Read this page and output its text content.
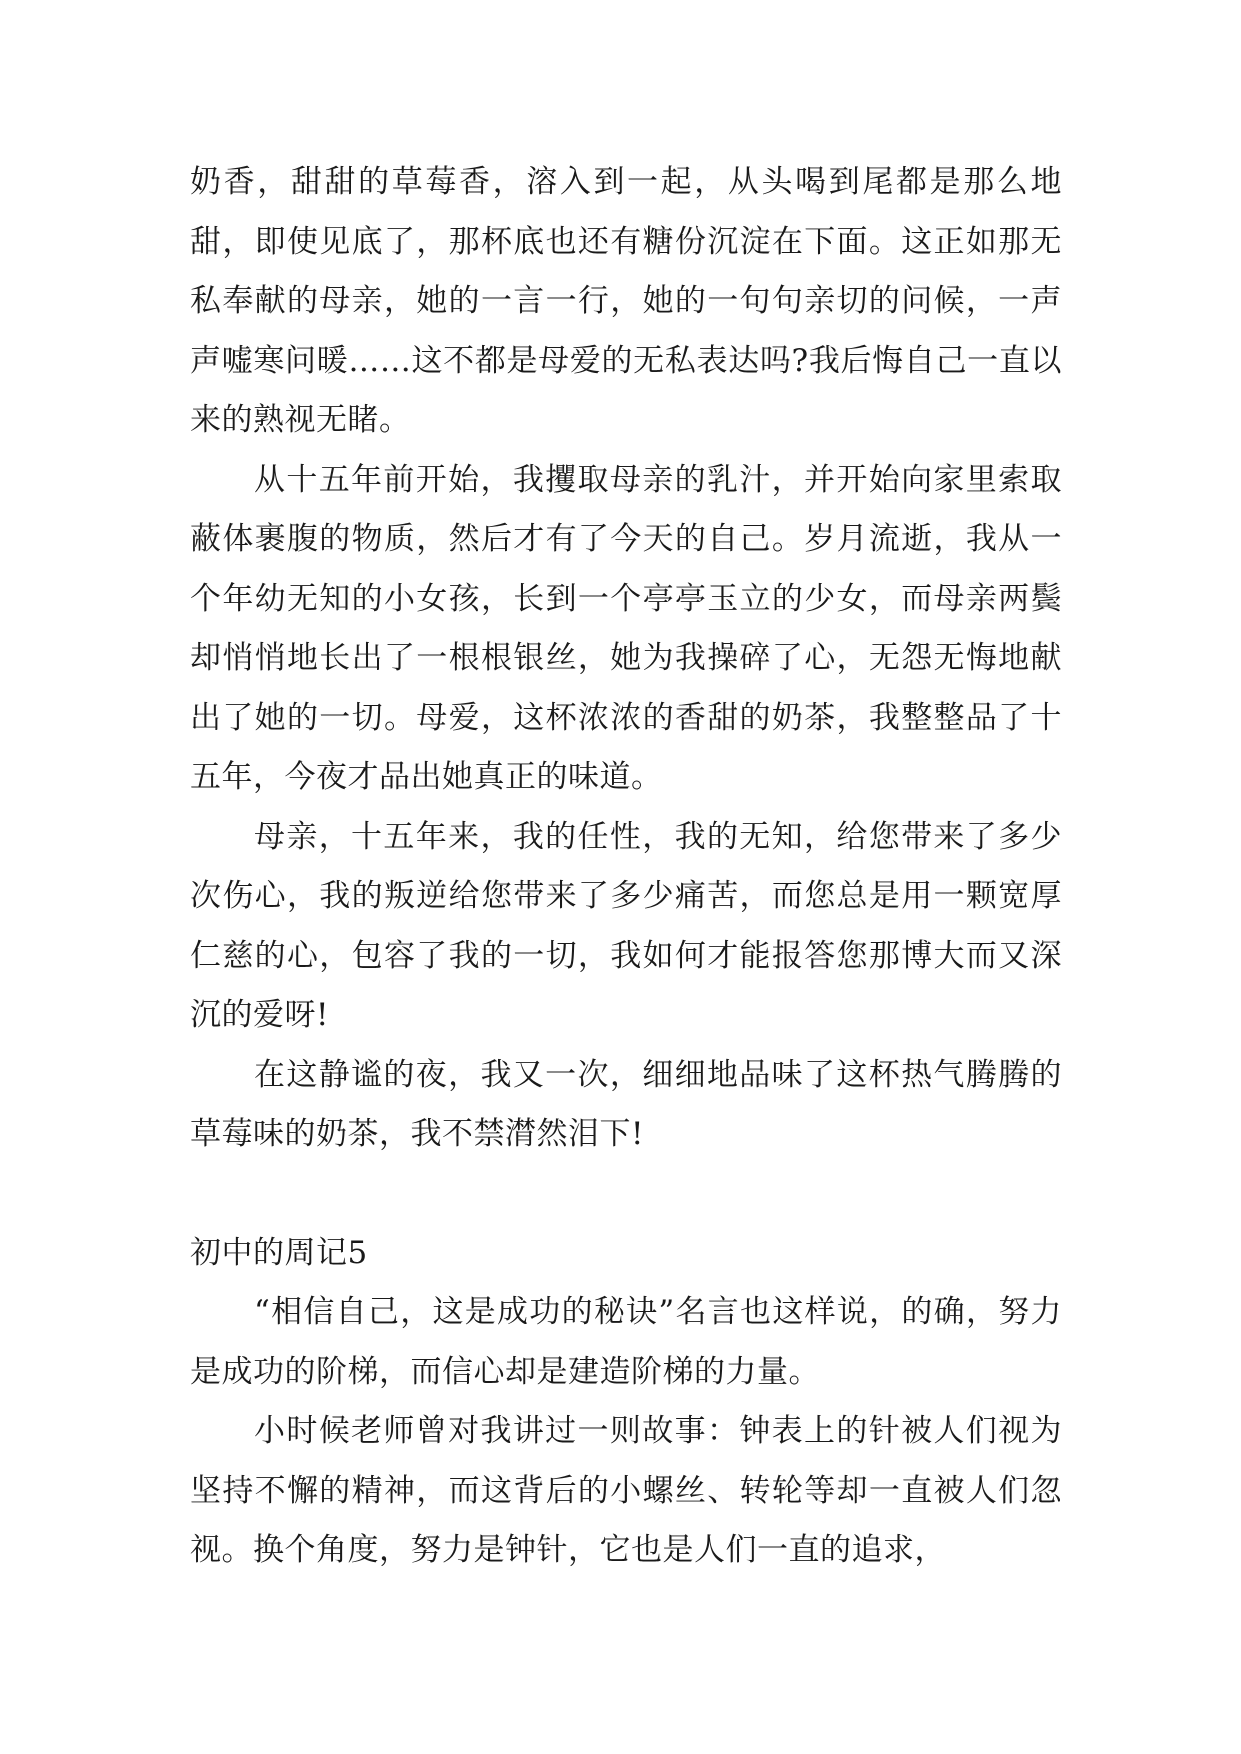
奶香，甜甜的草莓香，溶入到一起，从头喝到尾都是那么地甜，即使见底了，那杯底也还有糖份沉淀在下面。这正如那无私奉献的母亲，她的一言一行，她的一句句亲切的问候，一声声嘘寒问暖……这不都是母爱的无私表达吗?我后悔自己一直以来的熟视无睹。

从十五年前开始，我攫取母亲的乳汁，并开始向家里索取蔽体裹腹的物质，然后才有了今天的自己。岁月流逝，我从一个年幼无知的小女孩，长到一个亭亭玉立的少女，而母亲两鬓却悄悄地长出了一根根银丝，她为我操碎了心，无怨无悔地献出了她的一切。母爱，这杯浓浓的香甜的奶茶，我整整品了十五年，今夜才品出她真正的味道。

母亲，十五年来，我的任性，我的无知，给您带来了多少次伤心，我的叛逆给您带来了多少痛苦，而您总是用一颗宽厚仁慈的心，包容了我的一切，我如何才能报答您那博大而又深沉的爱呀!

在这静谧的夜，我又一次，细细地品味了这杯热气腾腾的草莓味的奶茶，我不禁潸然泪下!

初中的周记5

“相信自己，这是成功的秘诀”名言也这样说，的确，努力是成功的阶梯，而信心却是建造阶梯的力量。

小时候老师曾对我讲过一则故事：钟表上的针被人们视为坚持不懈的精神，而这背后的小螺丝、转轮等却一直被人们忽视。换个角度，努力是钟针，它也是人们一直的追求，
